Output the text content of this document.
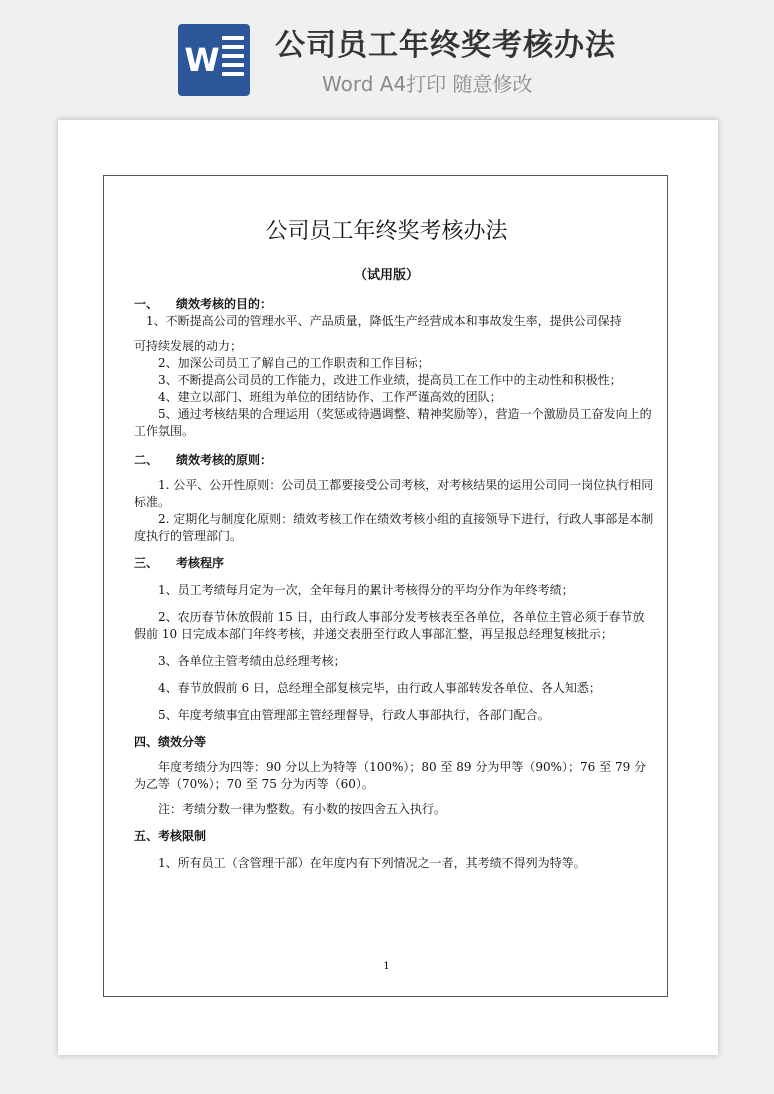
W 公司员工年终奖考核办法
Word A4打印 随意修改
公司员工年终奖考核办法
（试用版）

一、　　绩效考核的目的：

　1、不断提高公司的管理水平、产品质量，降低生产经营成本和事故发生率，提供公司保持

可持续发展的动力；

　　2、加深公司员工了解自己的工作职责和工作目标；

　　3、不断提高公司员的工作能力，改进工作业绩，提高员工在工作中的主动性和积极性；

　　4、建立以部门、班组为单位的团结协作、工作严谨高效的团队；

　　5、通过考核结果的合理运用（奖惩或待遇调整、精神奖励等），营造一个激励员工奋发向上的工作氛围。

二、　　绩效考核的原则：

　　1. 公平、公开性原则：公司员工都要接受公司考核，对考核结果的运用公司同一岗位执行相同标准。

　　2. 定期化与制度化原则：绩效考核工作在绩效考核小组的直接领导下进行，行政人事部是本制度执行的管理部门。

三、　　考核程序

　　1、员工考绩每月定为一次，全年每月的累计考核得分的平均分作为年终考绩；

　　2、农历春节休放假前 15 日，由行政人事部分发考核表至各单位，各单位主管必须于春节放假前 10 日完成本部门年终考核，并递交表册至行政人事部汇整，再呈报总经理复核批示；

　　3、各单位主管考绩由总经理考核；

　　4、春节放假前 6 日，总经理全部复核完毕，由行政人事部转发各单位、各人知悉；

　　5、年度考绩事宜由管理部主管经理督导，行政人事部执行，各部门配合。

四、绩效分等

　　年度考绩分为四等：90 分以上为特等（100%）；80 至 89 分为甲等（90%）；76 至 79 分为乙等（70%）；70 至 75 分为丙等（60）。

　　注：考绩分数一律为整数。有小数的按四舍五入执行。

五、考核限制

　　1、所有员工（含管理干部）在年度内有下列情况之一者，其考绩不得列为特等。

1
